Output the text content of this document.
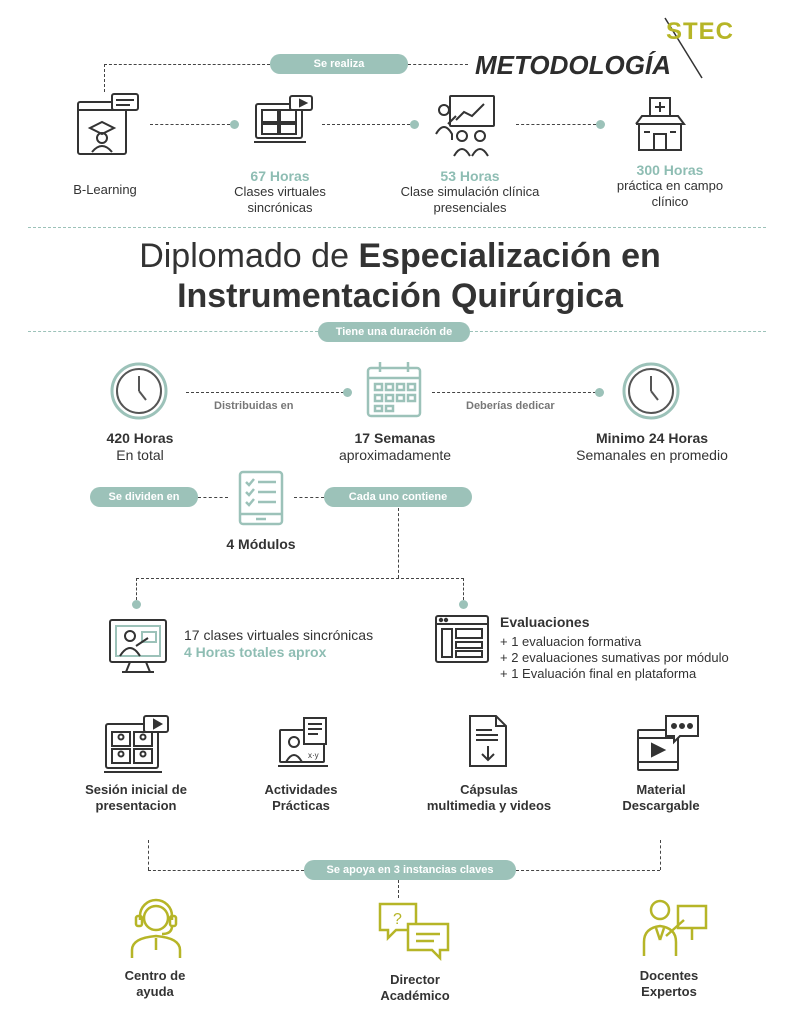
STEC
METODOLOGÍA
Se realiza
B-Learning
67 Horas
Clases virtuales sincrónicas
53 Horas
Clase simulación clínica presenciales
300 Horas
práctica en campo clínico
Diplomado de Especialización en
Instrumentación Quirúrgica
Tiene una duración de
Distribuidas en	Deberías dedicar
420 Horas
En total
17 Semanas
aproximadamente
Minimo 24 Horas
Semanales en promedio
Se dividen en	Cada uno contiene
4 Módulos
17 clases virtuales sincrónicas
4 Horas totales aprox
Evaluaciones
+ 1 evaluacion formativa
+ 2 evaluaciones sumativas por módulo
+ 1 Evaluación final en plataforma
Sesión inicial de
presentacion
x·y
Actividades
Prácticas
Cápsulas
multimedia y videos
Material
Descargable
Se apoya en 3 instancias claves
Centro de
ayuda
?
Director
Académico
Docentes
Expertos
